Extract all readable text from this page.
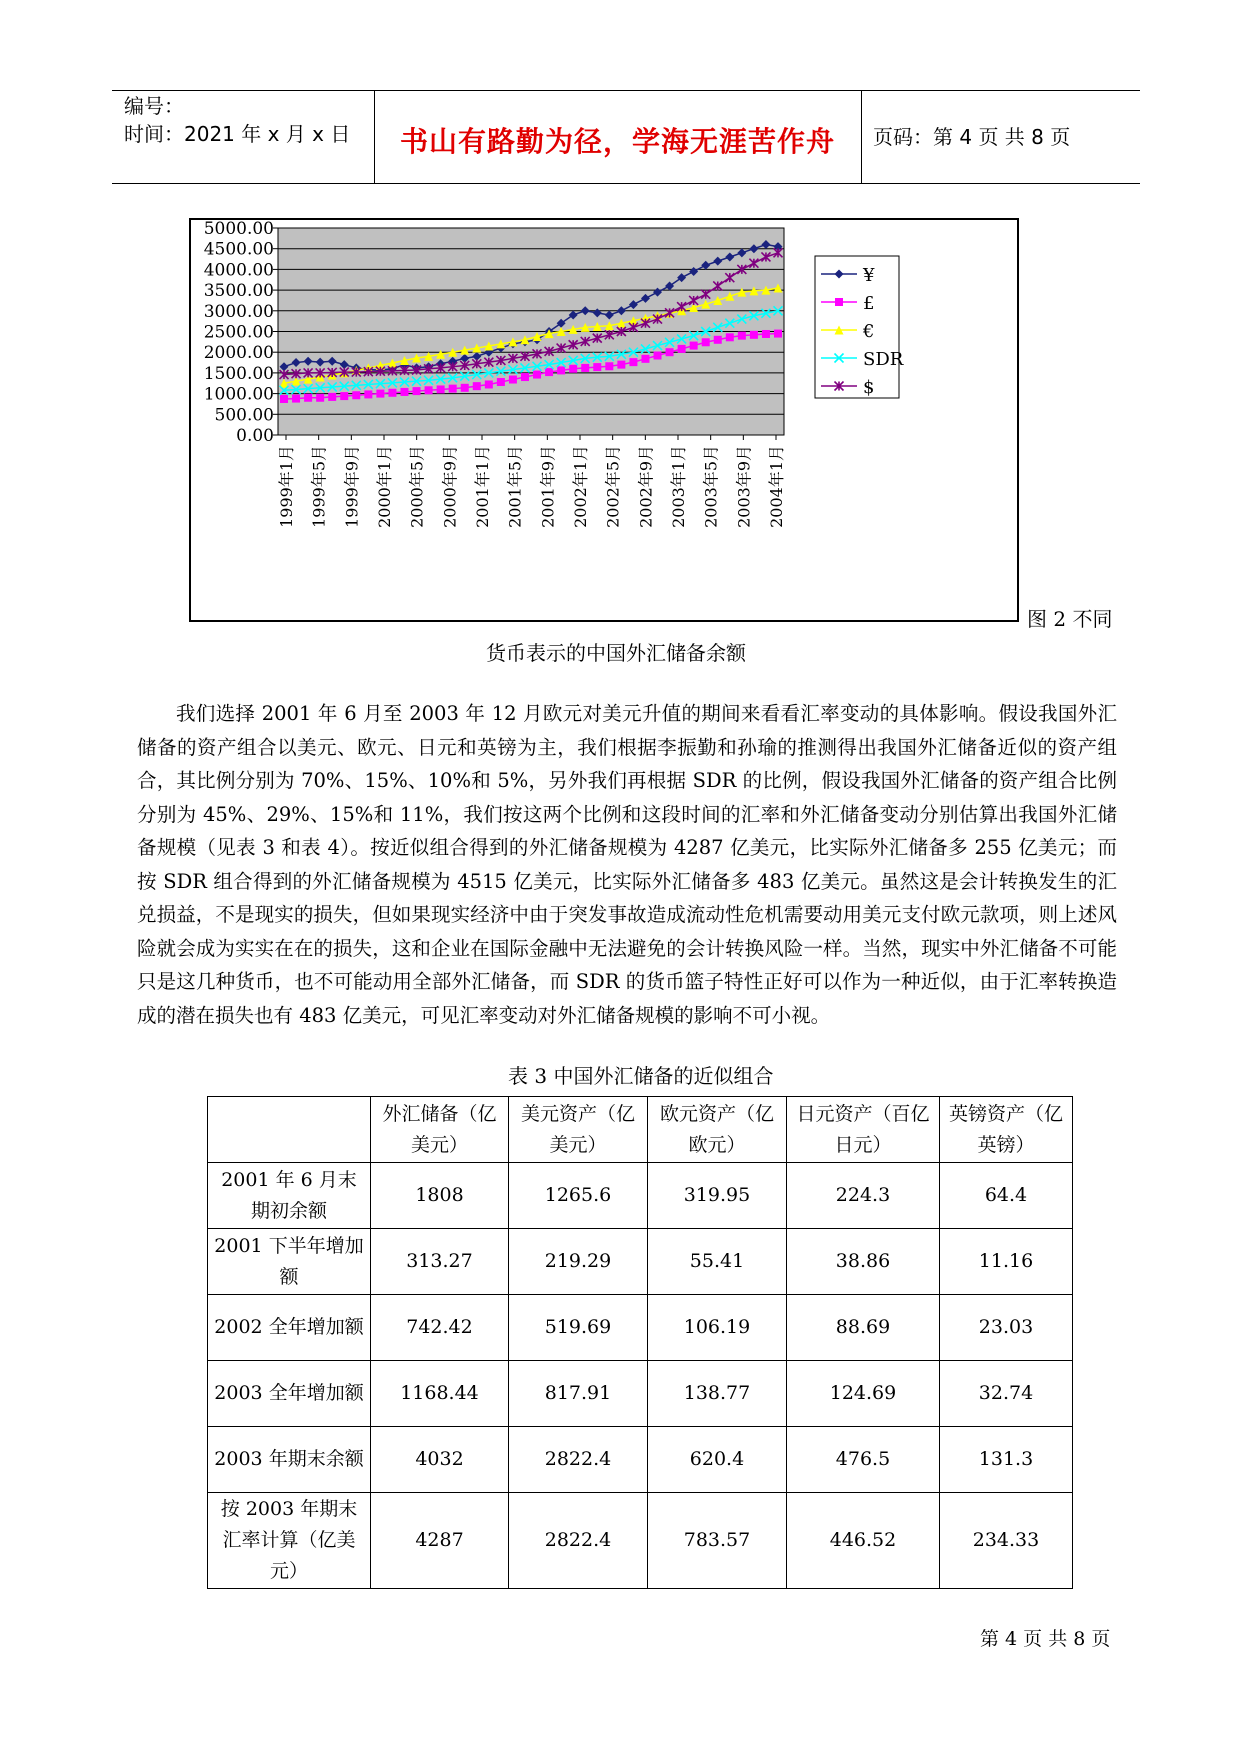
编号：
时间：2021 年 x 月 x 日 书山有路勤为径，学海无涯苦作舟 页码：第 4 页 共 8 页
5000.00
4500.00
4000.00
3500.00
3000.00
2500.00
2000.00
1500.00
1000.00
500.00
0.00
1999年1月 1999年5月 1999年9月 2000年1月 2000年5月 2000年9月 2001年1月 2001年5月 2001年9月 2002年1月 2002年5月 2002年9月 2003年1月 2003年5月 2003年9月 2004年1月
¥
£
€
SDR
$
图 2 不同
货币表示的中国外汇储备余额

我们选择 2001 年 6 月至 2003 年 12 月欧元对美元升值的期间来看看汇率变动的具体影响。假设我国外汇储备的资产组合以美元、欧元、日元和英镑为主，我们根据李振勤和孙瑜的推测得出我国外汇储备近似的资产组合，其比例分别为 70%、15%、10%和 5%，另外我们再根据 SDR 的比例，假设我国外汇储备的资产组合比例分别为 45%、29%、15%和 11%，我们按这两个比例和这段时间的汇率和外汇储备变动分别估算出我国外汇储备规模（见表 3 和表 4）。按近似组合得到的外汇储备规模为 4287 亿美元，比实际外汇储备多 255 亿美元；而按 SDR 组合得到的外汇储备规模为 4515 亿美元，比实际外汇储备多 483 亿美元。虽然这是会计转换发生的汇兑损益，不是现实的损失，但如果现实经济中由于突发事故造成流动性危机需要动用美元支付欧元款项，则上述风险就会成为实实在在的损失，这和企业在国际金融中无法避免的会计转换风险一样。当然，现实中外汇储备不可能只是这几种货币，也不可能动用全部外汇储备，而 SDR 的货币篮子特性正好可以作为一种近似，由于汇率转换造成的潜在损失也有 483 亿美元，可见汇率变动对外汇储备规模的影响不可小视。

表 3 中国外汇储备的近似组合
	外汇储备（亿美元）	美元资产（亿美元）	欧元资产（亿欧元）	日元资产（百亿日元）	英镑资产（亿英镑）
2001 年 6 月末期初余额	1808	1265.6	319.95	224.3	64.4
2001 下半年增加额	313.27	219.29	55.41	38.86	11.16
2002 全年增加额	742.42	519.69	106.19	88.69	23.03
2003 全年增加额	1168.44	817.91	138.77	124.69	32.74
2003 年期末余额	4032	2822.4	620.4	476.5	131.3
按 2003 年期末汇率计算（亿美元）	4287	2822.4	783.57	446.52	234.33
第 4 页 共 8 页
